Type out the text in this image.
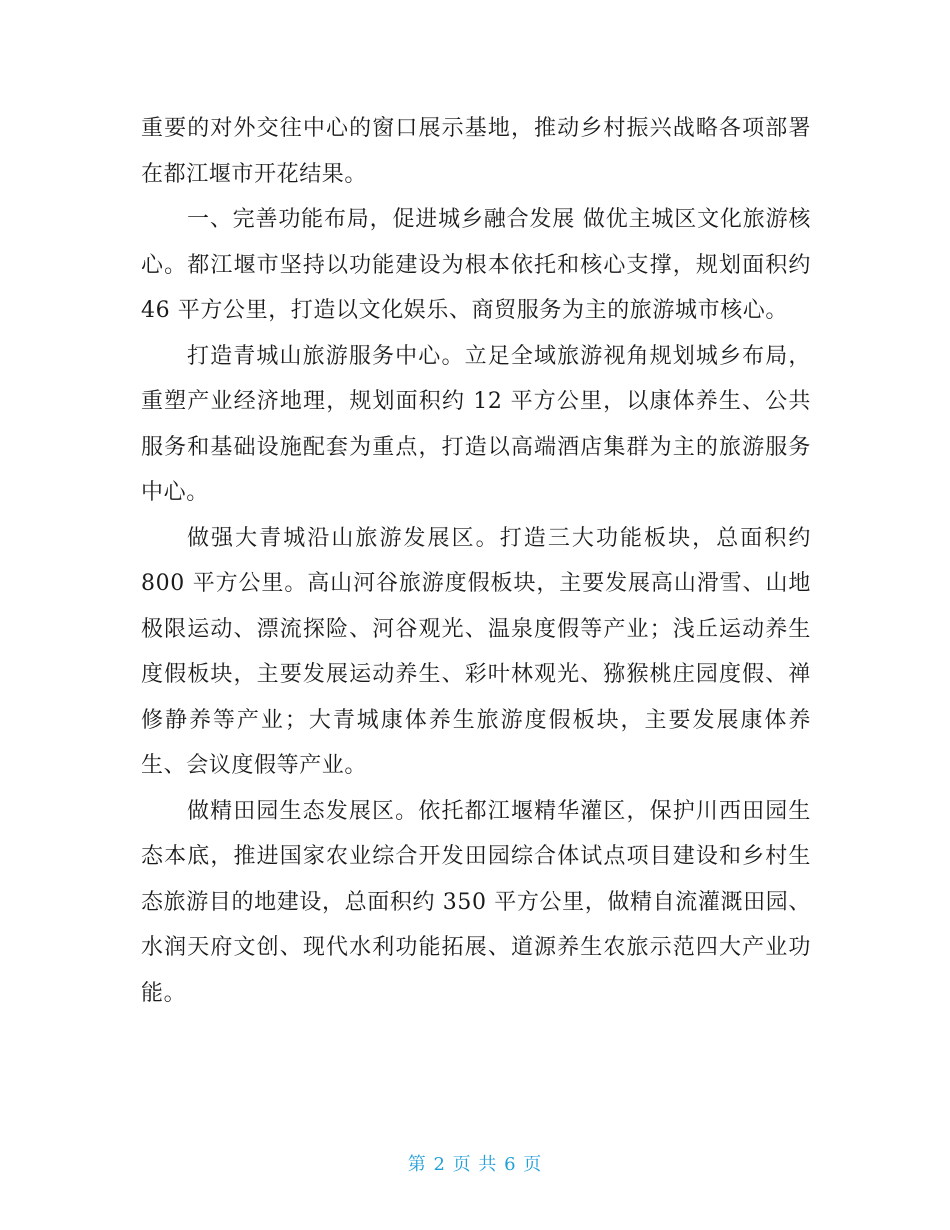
重要的对外交往中心的窗口展示基地，推动乡村振兴战略各项部署在都江堰市开花结果。

一、完善功能布局，促进城乡融合发展 做优主城区文化旅游核心。都江堰市坚持以功能建设为根本依托和核心支撑，规划面积约 46 平方公里，打造以文化娱乐、商贸服务为主的旅游城市核心。

打造青城山旅游服务中心。立足全域旅游视角规划城乡布局，重塑产业经济地理，规划面积约 12 平方公里，以康体养生、公共服务和基础设施配套为重点，打造以高端酒店集群为主的旅游服务中心。

做强大青城沿山旅游发展区。打造三大功能板块，总面积约 800 平方公里。高山河谷旅游度假板块，主要发展高山滑雪、山地极限运动、漂流探险、河谷观光、温泉度假等产业；浅丘运动养生度假板块，主要发展运动养生、彩叶林观光、猕猴桃庄园度假、禅修静养等产业；大青城康体养生旅游度假板块，主要发展康体养生、会议度假等产业。

做精田园生态发展区。依托都江堰精华灌区，保护川西田园生态本底，推进国家农业综合开发田园综合体试点项目建设和乡村生态旅游目的地建设，总面积约 350 平方公里，做精自流灌溉田园、水润天府文创、现代水利功能拓展、道源养生农旅示范四大产业功能。

第 2 页 共 6 页
